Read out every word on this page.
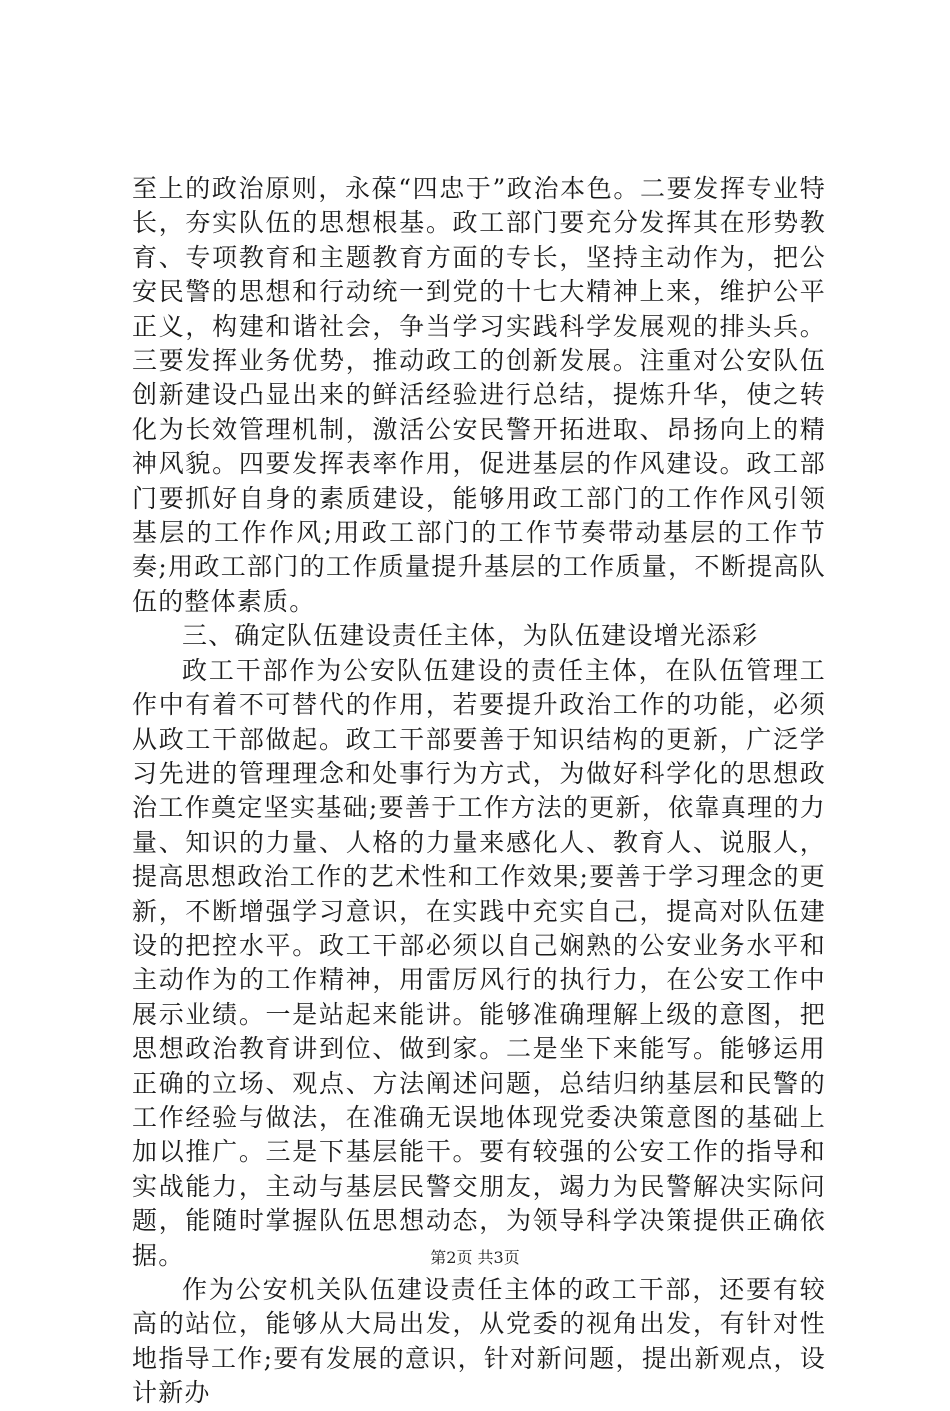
至上的政治原则，永葆“四忠于”政治本色。二要发挥专业特长，夯实队伍的思想根基。政工部门要充分发挥其在形势教育、专项教育和主题教育方面的专长，坚持主动作为，把公安民警的思想和行动统一到党的十七大精神上来，维护公平正义，构建和谐社会，争当学习实践科学发展观的排头兵。三要发挥业务优势，推动政工的创新发展。注重对公安队伍创新建设凸显出来的鲜活经验进行总结，提炼升华，使之转化为长效管理机制，激活公安民警开拓进取、昂扬向上的精神风貌。四要发挥表率作用，促进基层的作风建设。政工部门要抓好自身的素质建设，能够用政工部门的工作作风引领基层的工作作风;用政工部门的工作节奏带动基层的工作节奏;用政工部门的工作质量提升基层的工作质量，不断提高队伍的整体素质。

三、确定队伍建设责任主体，为队伍建设增光添彩

政工干部作为公安队伍建设的责任主体，在队伍管理工作中有着不可替代的作用，若要提升政治工作的功能，必须从政工干部做起。政工干部要善于知识结构的更新，广泛学习先进的管理理念和处事行为方式，为做好科学化的思想政治工作奠定坚实基础;要善于工作方法的更新，依靠真理的力量、知识的力量、人格的力量来感化人、教育人、说服人，提高思想政治工作的艺术性和工作效果;要善于学习理念的更新，不断增强学习意识，在实践中充实自己，提高对队伍建设的把控水平。政工干部必须以自己娴熟的公安业务水平和主动作为的工作精神，用雷厉风行的执行力，在公安工作中展示业绩。一是站起来能讲。能够准确理解上级的意图，把思想政治教育讲到位、做到家。二是坐下来能写。能够运用正确的立场、观点、方法阐述问题，总结归纳基层和民警的工作经验与做法，在准确无误地体现党委决策意图的基础上加以推广。三是下基层能干。要有较强的公安工作的指导和实战能力，主动与基层民警交朋友，竭力为民警解决实际问题，能随时掌握队伍思想动态，为领导科学决策提供正确依据。

作为公安机关队伍建设责任主体的政工干部，还要有较高的站位，能够从大局出发，从党委的视角出发，有针对性地指导工作;要有发展的意识，针对新问题，提出新观点，设计新办

第2页 共3页
